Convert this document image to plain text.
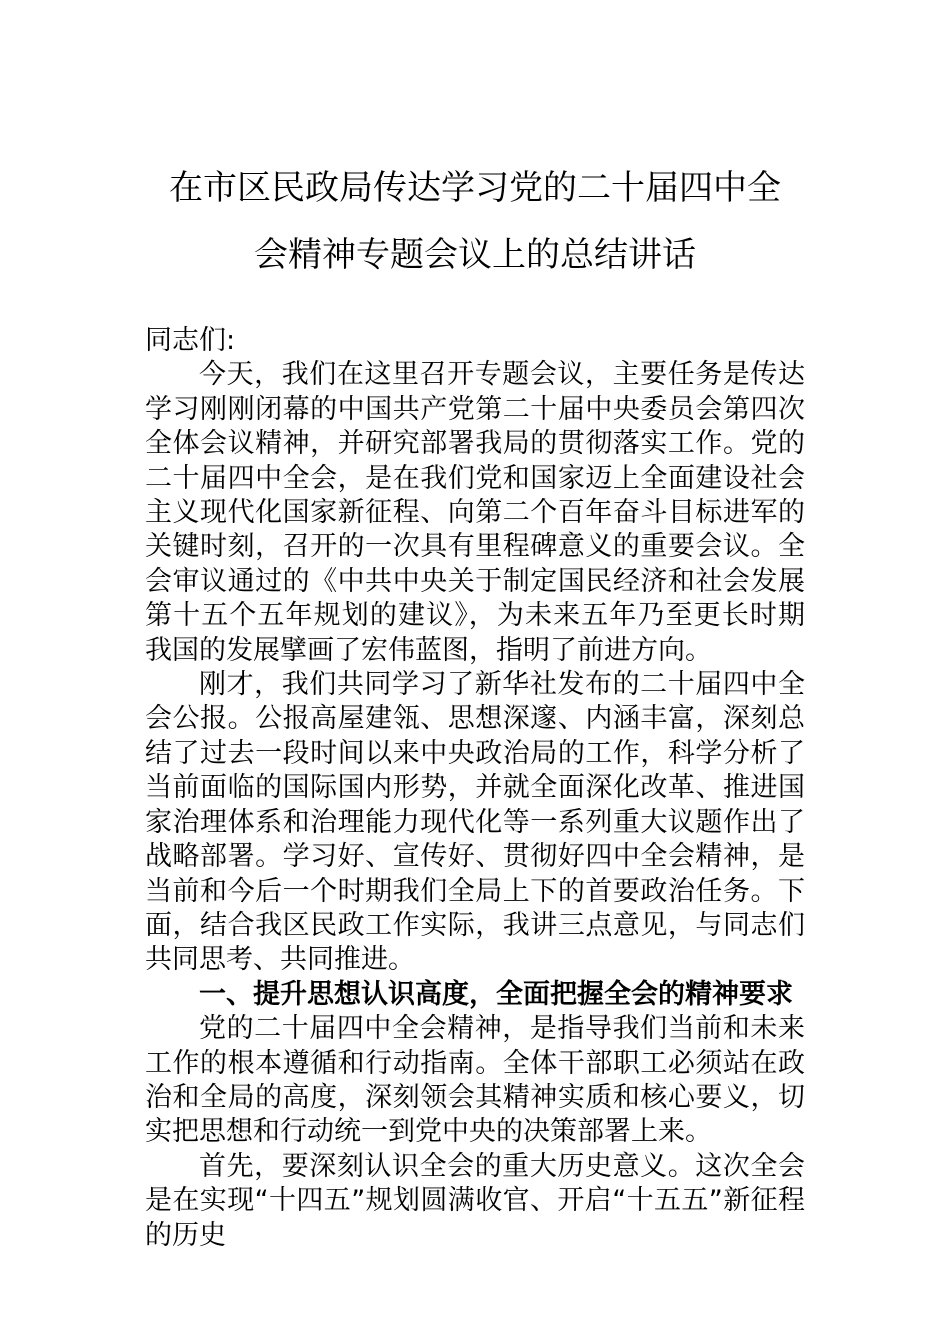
在市区民政局传达学习党的二十届四中全
会精神专题会议上的总结讲话

同志们:

今天，我们在这里召开专题会议，主要任务是传达学习刚刚闭幕的中国共产党第二十届中央委员会第四次全体会议精神，并研究部署我局的贯彻落实工作。党的二十届四中全会，是在我们党和国家迈上全面建设社会主义现代化国家新征程、向第二个百年奋斗目标进军的关键时刻，召开的一次具有里程碑意义的重要会议。全会审议通过的《中共中央关于制定国民经济和社会发展第十五个五年规划的建议》，为未来五年乃至更长时期我国的发展擘画了宏伟蓝图，指明了前进方向。

刚才，我们共同学习了新华社发布的二十届四中全会公报。公报高屋建瓴、思想深邃、内涵丰富，深刻总结了过去一段时间以来中央政治局的工作，科学分析了当前面临的国际国内形势，并就全面深化改革、推进国家治理体系和治理能力现代化等一系列重大议题作出了战略部署。学习好、宣传好、贯彻好四中全会精神，是当前和今后一个时期我们全局上下的首要政治任务。下面，结合我区民政工作实际，我讲三点意见，与同志们共同思考、共同推进。

一、提升思想认识高度，全面把握全会的精神要求

党的二十届四中全会精神，是指导我们当前和未来工作的根本遵循和行动指南。全体干部职工必须站在政治和全局的高度，深刻领会其精神实质和核心要义，切实把思想和行动统一到党中央的决策部署上来。

首先，要深刻认识全会的重大历史意义。这次全会是在实现“十四五”规划圆满收官、开启“十五五”新征程的历史
